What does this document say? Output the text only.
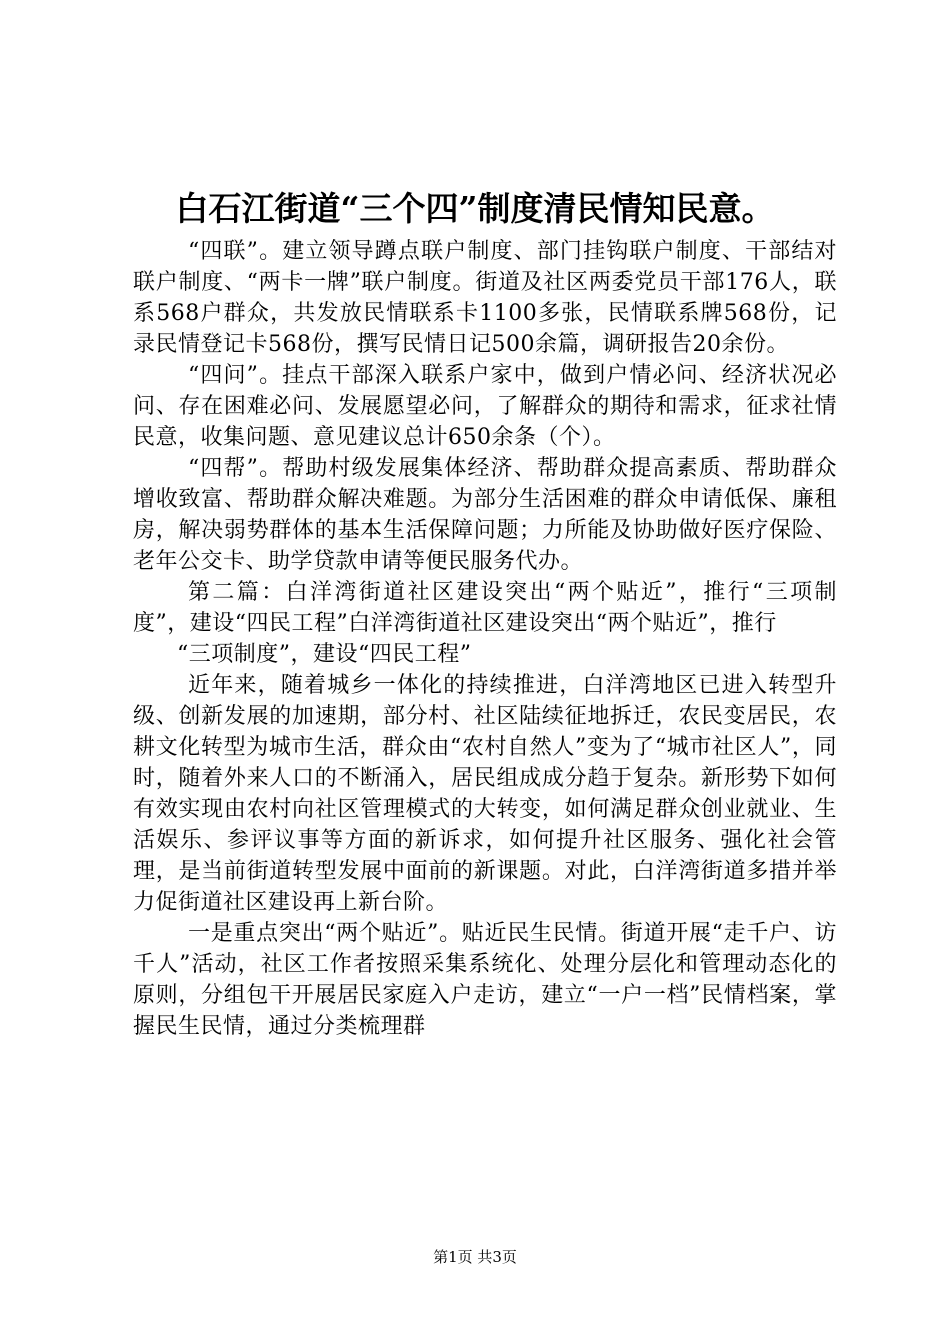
白石江街道“三个四”制度清民情知民意。

“四联”。建立领导蹲点联户制度、部门挂钩联户制度、干部结对联户制度、“两卡一牌”联户制度。街道及社区两委党员干部176人，联系568户群众，共发放民情联系卡1100多张，民情联系牌568份，记录民情登记卡568份，撰写民情日记500余篇，调研报告20余份。

“四问”。挂点干部深入联系户家中，做到户情必问、经济状况必问、存在困难必问、发展愿望必问，了解群众的期待和需求，征求社情民意，收集问题、意见建议总计650余条（个）。

“四帮”。帮助村级发展集体经济、帮助群众提高素质、帮助群众增收致富、帮助群众解决难题。为部分生活困难的群众申请低保、廉租房，解决弱势群体的基本生活保障问题；力所能及协助做好医疗保险、老年公交卡、助学贷款申请等便民服务代办。

第二篇：白洋湾街道社区建设突出“两个贴近”，推行“三项制度”，建设“四民工程”白洋湾街道社区建设突出“两个贴近”，推行

“三项制度”，建设“四民工程”

近年来，随着城乡一体化的持续推进，白洋湾地区已进入转型升级、创新发展的加速期，部分村、社区陆续征地拆迁，农民变居民，农耕文化转型为城市生活，群众由“农村自然人”变为了“城市社区人”，同时，随着外来人口的不断涌入，居民组成成分趋于复杂。新形势下如何有效实现由农村向社区管理模式的大转变，如何满足群众创业就业、生活娱乐、参评议事等方面的新诉求，如何提升社区服务、强化社会管理，是当前街道转型发展中面前的新课题。对此，白洋湾街道多措并举力促街道社区建设再上新台阶。

一是重点突出“两个贴近”。贴近民生民情。街道开展“走千户、访千人”活动，社区工作者按照采集系统化、处理分层化和管理动态化的原则，分组包干开展居民家庭入户走访，建立“一户一档”民情档案，掌握民生民情，通过分类梳理群

第1页 共3页
